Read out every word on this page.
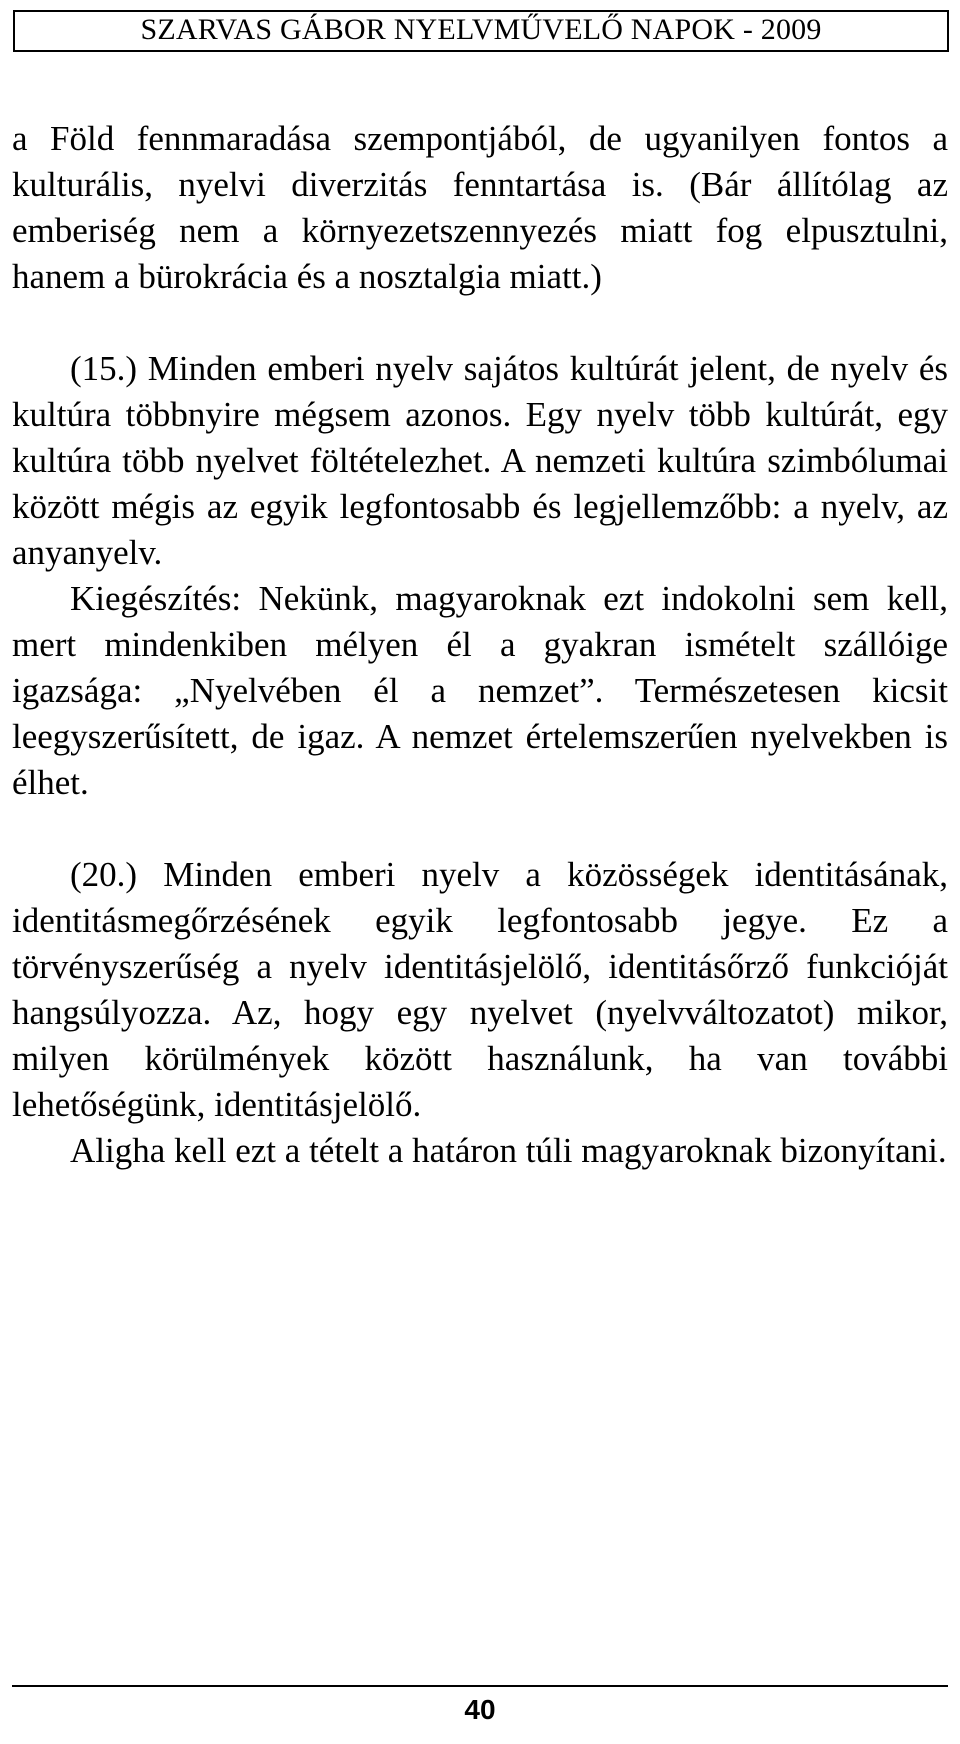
SZARVAS GÁBOR NYELVMŰVELŐ NAPOK - 2009

a Föld fennmaradása szempontjából, de ugyanilyen fontos a kulturális, nyelvi diverzitás fenntartása is. (Bár állítólag az emberiség nem a környezetszennyezés miatt fog elpusztulni, hanem a bürokrácia és a nosztalgia miatt.)

(15.) Minden emberi nyelv sajátos kultúrát jelent, de nyelv és kultúra többnyire mégsem azonos. Egy nyelv több kultúrát, egy kultúra több nyelvet föltételezhet. A nemzeti kultúra szimbólumai között mégis az egyik legfontosabb és legjellemzőbb: a nyelv, az anyanyelv.

Kiegészítés: Nekünk, magyaroknak ezt indokolni sem kell, mert mindenkiben mélyen él a gyakran ismételt szállóige igazsága: „Nyelvében él a nemzet”. Természetesen kicsit leegyszerűsített, de igaz. A nemzet értelemszerűen nyelvekben is élhet.

(20.) Minden emberi nyelv a közösségek identitásának, identitásmegőrzésének egyik legfontosabb jegye. Ez a törvényszerűség a nyelv identitásjelölő, identitásőrző funkcióját hangsúlyozza. Az, hogy egy nyelvet (nyelvváltozatot) mikor, milyen körülmények között használunk, ha van további lehetőségünk, identitásjelölő.

Aligha kell ezt a tételt a határon túli magyaroknak bizonyítani.

40
